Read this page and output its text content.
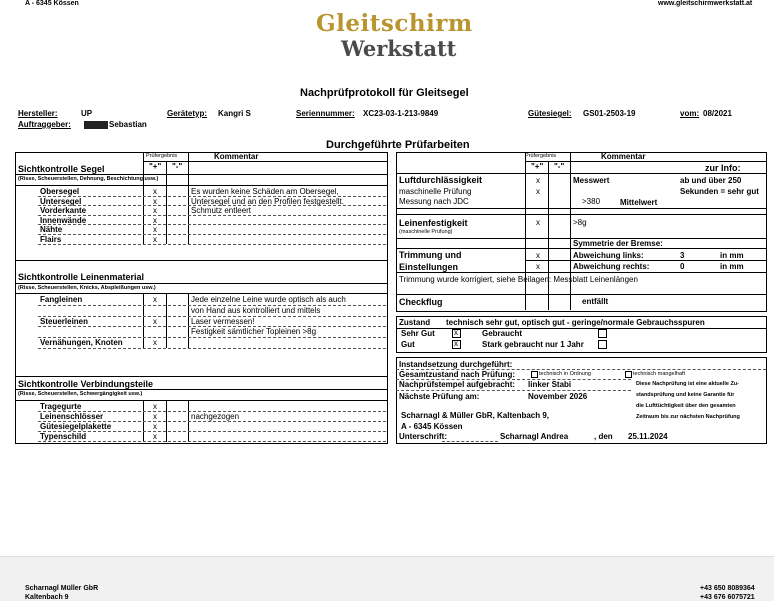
A - 6345 Kössen	www.gleitschirmwerkstatt.at
Gleitschirm
Werkstatt
Nachprüfprotokoll für Gleitsegel
Hersteller:	UP	Gerätetyp: Kangri S	Seriennummer: XC23-03-1-213-9849	Gütesiegel: GS01-2503-19	vom: 08/2021
Auftraggeber:	Sebastian
Durchgeführte Prüfarbeiten
Prüfergebnis	Kommentar
"+" "-"
Sichtkontrolle Segel
(Risse, Scheuerstellen, Dehnung, Beschichtung usw.)
Obersegel	x	Es wurden keine Schäden am Obersegel,
Untersegel	x	Untersegel und an den Profilen festgestellt.
Vorderkante	x	Schmutz entleert
Innenwände	x
Nähte	x
Flairs	x
Sichtkontrolle Leinenmaterial
(Risse, Scheuerstellen, Knicks, Abspleißungen usw.)
Fangleinen	x	Jede einzelne Leine wurde optisch als auch
von Hand aus kontrolliert und mittels
Steuerleinen	x	Laser vermessen!
Festigkeit sämtlicher Topleinen >8g
Vernähungen, Knoten	x
Sichtkontrolle Verbindungsteile
(Risse, Scheuerstellen, Schwergängigkeit usw.)
Tragegurte	x
Leinenschlösser	x	nachgezogen
Gütesiegelplakette	x
Typenschild	x
Prüfergebnis	Kommentar
"+" "-"	zur Info:
Luftdurchlässigkeit	x	Messwert	ab und über 250
maschinelle Prüfung	x	Sekunden = sehr gut
Messung nach JDC	>380 Mittelwert
Leinenfestigkeit	x	>8g
(maschinelle Prüfung)
Symmetrie der Bremse:
Trimmung und	x	Abweichung links:	3	in mm
Einstellungen	x	Abweichung rechts:	0	in mm
Trimmung wurde korrigiert, siehe Beilagen: Messblatt Leinenlängen
Checkflug	entfällt
Zustand technisch sehr gut, optisch gut - geringe/normale Gebrauchsspuren
Sehr Gut x	Gebraucht
Gut	x	Stark gebraucht nur 1 Jahr
Instandsetzung durchgeführt:
Gesamtzustand nach Prüfung:	technisch in Ordnung	technisch mangelhaft
Nachprüfstempel aufgebracht: linker Stabi
Nächste Prüfung am:	November 2026
Scharnagl & Müller GbR, Kaltenbach 9,
A - 6345 Kössen
Unterschrift:	Scharnagl Andrea	, den 25.11.2024
Diese Nachprüfung ist eine aktuelle Zu-
standsprüfung und keine Garantie für
die Lufttüchtigkeit über den gesamten
Zeitraum bis zur nächsten Nachprüfung
Scharnagl Müller GbR
Kaltenbach 9
+43 650 8089364
+43 676 6075721
